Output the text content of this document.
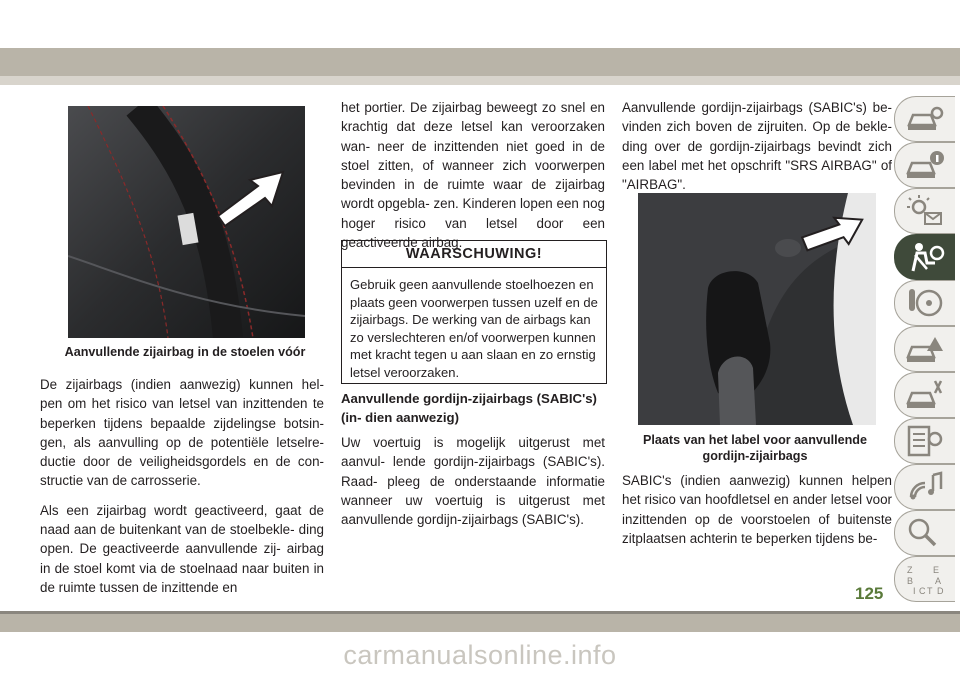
Aanvullende zijairbag in de stoelen vóór

De zijairbags (indien aanwezig) kunnen hel- pen om het risico van letsel van inzittenden te beperken tijdens bepaalde zijdelingse botsin- gen, als aanvulling op de potentiële letselre- ductie door de veiligheidsgordels en de con- structie van de carrosserie.

Als een zijairbag wordt geactiveerd, gaat de naad aan de buitenkant van de stoelbekle- ding open. De geactiveerde aanvullende zij- airbag in de stoel komt via de stoelnaad naar buiten in de ruimte tussen de inzittende en

het portier. De zijairbag beweegt zo snel en krachtig dat deze letsel kan veroorzaken wan- neer de inzittenden niet goed in de stoel zitten, of wanneer zich voorwerpen bevinden in de ruimte waar de zijairbag wordt opgebla- zen. Kinderen lopen een nog hoger risico van letsel door een geactiveerde airbag.

WAARSCHUWING!
Gebruik geen aanvullende stoelhoezen en plaats geen voorwerpen tussen uzelf en de zijairbags. De werking van de airbags kan zo verslechteren en/of voorwerpen kunnen met kracht tegen u aan slaan en zo ernstig letsel veroorzaken.
Aanvullende gordijn-zijairbags (SABIC's) (in- dien aanwezig)
Uw voertuig is mogelijk uitgerust met aanvul- lende gordijn-zijairbags (SABIC's). Raad- pleeg de onderstaande informatie wanneer uw voertuig is uitgerust met aanvullende gordijn-zijairbags (SABIC's).

Aanvullende gordijn-zijairbags (SABIC's) be- vinden zich boven de zijruiten. Op de bekle- ding over de gordijn-zijairbags bevindt zich een label met het opschrift "SRS AIRBAG" of "AIRBAG".

Plaats van het label voor aanvullende gordijn-zijairbags
SABIC's (indien aanwezig) kunnen helpen het risico van hoofdletsel en ander letsel voor inzittenden op de voorstoelen of buitenste zitplaatsen achterin te beperken tijdens be-
Z E
B A
I C T D
125
carmanualsonline.info
